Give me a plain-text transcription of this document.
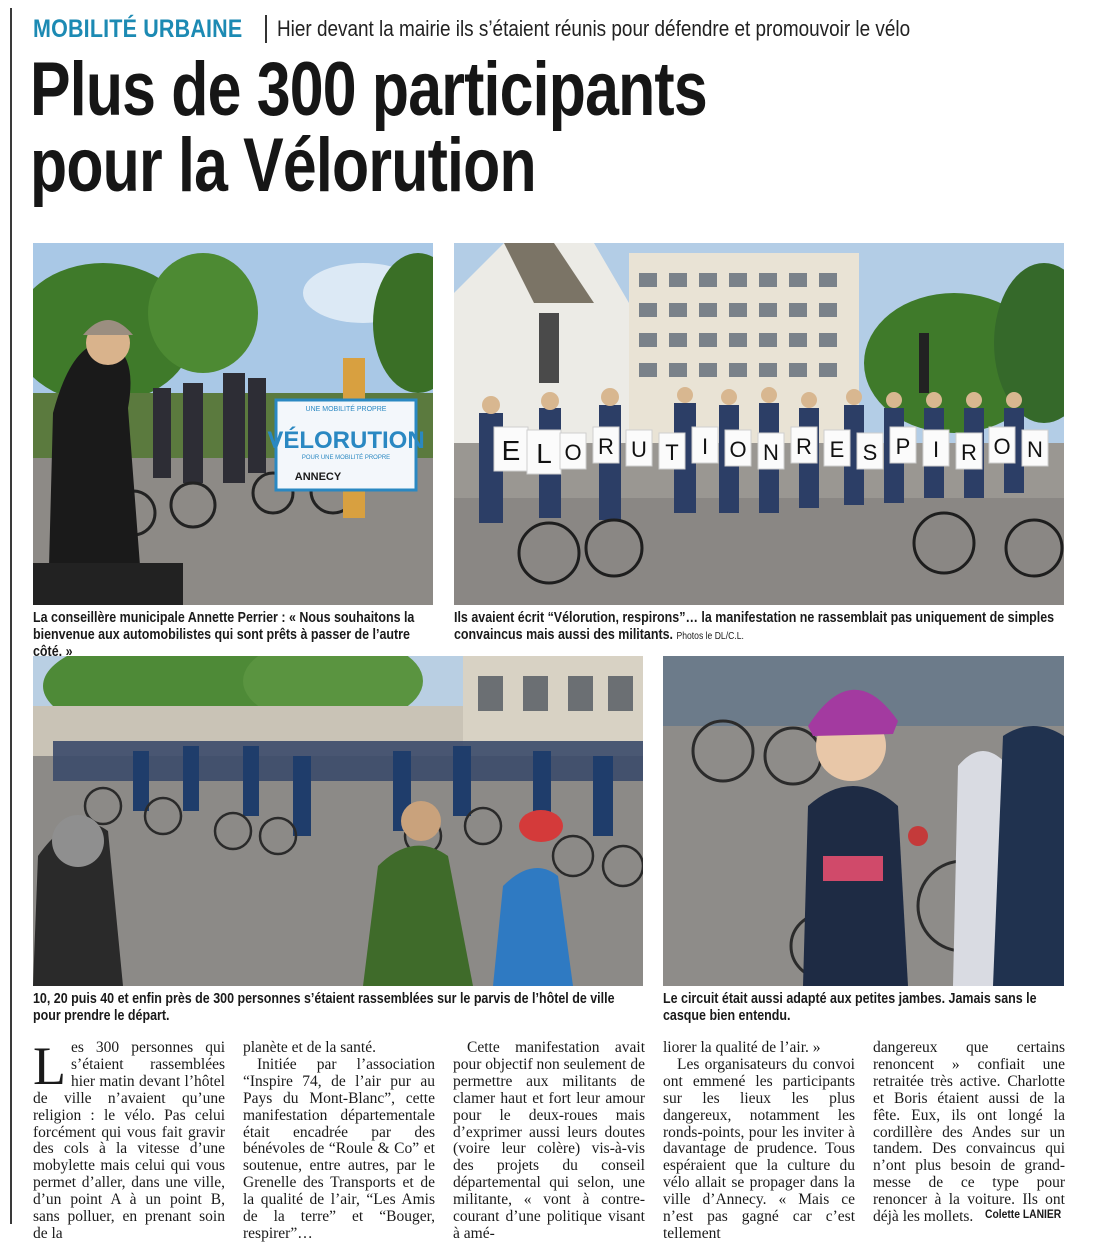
MOBILITÉ URBAINE Hier devant la mairie ils s’étaient réunis pour défendre et promouvoir le vélo
Plus de 300 participants
pour la Vélorution
UNE MOBILITÉ PROPRE
VÉLORUTION
POUR UNE MOBILITÉ PROPRE
ANNECY
E L O R U T I O N R E S P I R O N
La conseillère municipale Annette Perrier : « Nous souhaitons la bienvenue aux automobilistes qui sont prêts à passer de l’autre côté. »
Ils avaient écrit “Vélorution, respirons”… la manifestation ne rassemblait pas uniquement de simples convaincus mais aussi des militants. Photos le DL/C.L.
10, 20 puis 40 et enfin près de 300 personnes s’étaient rassemblées sur le parvis de l’hôtel de ville pour prendre le départ.
Le circuit était aussi adapté aux petites jambes. Jamais sans le casque bien entendu.

Les 300 personnes qui s’étaient rassemblées hier matin devant l’hôtel de ville n’avaient qu’une religion : le vélo. Pas celui forcément qui vous fait gravir des cols à la vitesse d’une mobylette mais celui qui vous permet d’aller, dans une ville, d’un point A à un point B, sans polluer, en prenant soin de la

planète et de la santé.

Initiée par l’association “Inspire 74, de l’air pur au Pays du Mont-Blanc”, cette manifestation départementale était encadrée par des bénévoles de “Roule & Co” et soutenue, entre autres, par le Grenelle des Transports et de la qualité de l’air, “Les Amis de la terre” et “Bouger, respirer”…

Cette manifestation avait pour objectif non seulement de permettre aux militants de clamer haut et fort leur amour pour le deux-roues mais d’exprimer aussi leurs doutes (voire leur colère) vis-à-vis des projets du conseil départemental qui selon, une militante, « vont à contre-courant d’une politique visant à amé-

liorer la qualité de l’air. »

Les organisateurs du convoi ont emmené les participants sur les lieux les plus dangereux, notamment les ronds-points, pour les inviter à davantage de prudence. Tous espéraient que la culture du vélo allait se propager dans la ville d’Annecy. « Mais ce n’est pas gagné car c’est tellement

dangereux que certains renoncent » confiait une retraitée très active. Charlotte et Boris étaient aussi de la fête. Eux, ils ont longé la cordillère des Andes sur un tandem. Des convaincus qui n’ont plus besoin de grand-messe de ce type pour renoncer à la voiture. Ils ont déjà les mollets. Colette LANIER
